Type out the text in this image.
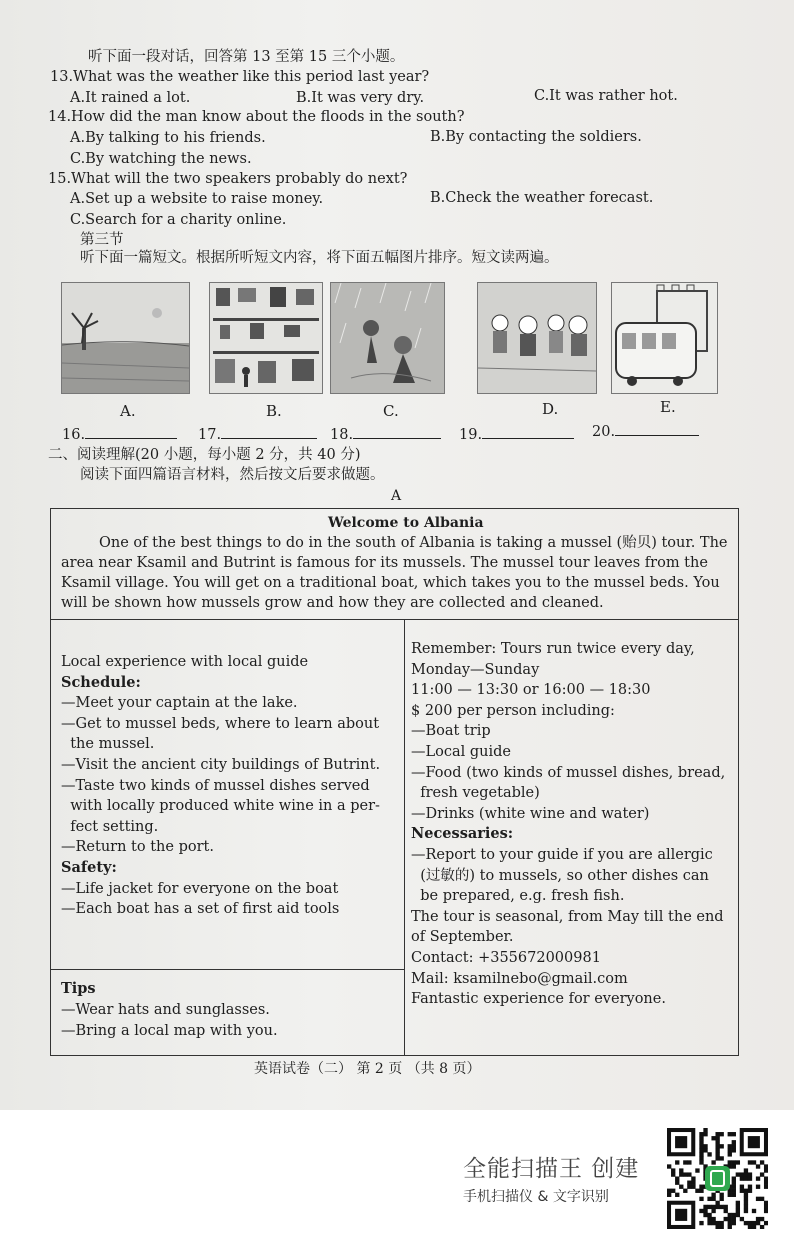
听下面一段对话，回答第 13 至第 15 三个小题。
13.What was the weather like this period last year?
A.It rained a lot.	B.It was very dry.	C.It was rather hot.
14.How did the man know about the floods in the south?
A.By talking to his friends.	B.By contacting the soldiers.
C.By watching the news.
15.What will the two speakers probably do next?
A.Set up a website to raise money.	B.Check the weather forecast.
C.Search for a charity online.
第三节
听下面一篇短文。根据所听短文内容，将下面五幅图片排序。短文读两遍。
A.	B.	C.	D.	E.
16.	17.	18.	19.	20.
二、阅读理解(20 小题，每小题 2 分，共 40 分)
阅读下面四篇语言材料，然后按文后要求做题。
A
Welcome to Albania
One of the best things to do in the south of Albania is taking a mussel (贻贝) tour. The
area near Ksamil and Butrint is famous for its mussels. The mussel tour leaves from the
Ksamil village. You will get on a traditional boat, which takes you to the mussel beds. You
will be shown how mussels grow and how they are collected and cleaned.
Local experience with local guide
Schedule:
—Meet your captain at the lake.
—Get to mussel beds, where to learn about
the mussel.
—Visit the ancient city buildings of Butrint.
—Taste two kinds of mussel dishes served
with locally produced white wine in a per-
fect setting.
—Return to the port.
Safety:
—Life jacket for everyone on the boat
—Each boat has a set of first aid tools
Tips
—Wear hats and sunglasses.
—Bring a local map with you.
Remember: Tours run twice every day,
Monday—Sunday
11:00 — 13:30 or 16:00 — 18:30
$ 200 per person including:
—Boat trip
—Local guide
—Food (two kinds of mussel dishes, bread,
fresh vegetable)
—Drinks (white wine and water)
Necessaries:
—Report to your guide if you are allergic
(过敏的) to mussels, so other dishes can
be prepared, e.g. fresh fish.
The tour is seasonal, from May till the end
of September.
Contact: +355672000981
Mail: ksamilnebo@gmail.com
Fantastic experience for everyone.
英语试卷（二） 第 2 页 （共 8 页）
全能扫描王 创建
手机扫描仪 & 文字识别
